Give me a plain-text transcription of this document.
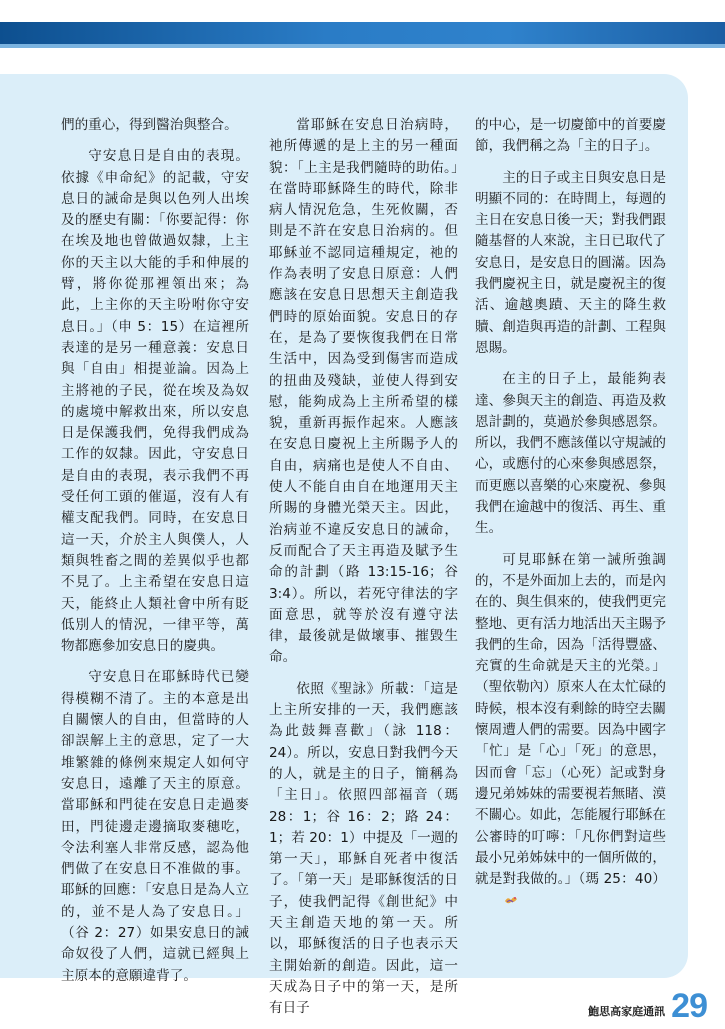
們的重心，得到醫治與整合。

守安息日是自由的表現。依據《申命紀》的記載，守安息日的誡命是與以色列人出埃及的歷史有關：「你要記得：你在埃及地也曾做過奴隸，上主你的天主以大能的手和伸展的臂，將你從那裡領出來；為此，上主你的天主吩咐你守安息日。」（申 5：15）在這裡所表達的是另一種意義：安息日與「自由」相提並論。因為上主將祂的子民，從在埃及為奴的處境中解救出來，所以安息日是保護我們，免得我們成為工作的奴隸。因此，守安息日是自由的表現，表示我們不再受任何工頭的催逼，沒有人有權支配我們。同時，在安息日這一天，介於主人與僕人，人類與牲畜之間的差異似乎也都不見了。上主希望在安息日這天，能終止人類社會中所有貶低別人的情況，一律平等，萬物都應參加安息日的慶典。

守安息日在耶穌時代已變得模糊不清了。主的本意是出自關懷人的自由，但當時的人卻誤解上主的意思，定了一大堆繁雜的條例來規定人如何守安息日，遠離了天主的原意。當耶穌和門徒在安息日走過麥田，門徒邊走邊摘取麥穗吃，令法利塞人非常反感，認為他們做了在安息日不准做的事。耶穌的回應：「安息日是為人立的，並不是人為了安息日。」（谷 2：27）如果安息日的誡命奴役了人們，這就已經與上主原本的意願違背了。

當耶穌在安息日治病時，祂所傳遞的是上主的另一種面貌：「上主是我們隨時的助佑。」在當時耶穌降生的時代，除非病人情況危急，生死攸關，否則是不許在安息日治病的。但耶穌並不認同這種規定，祂的作為表明了安息日原意：人們應該在安息日思想天主創造我們時的原始面貌。安息日的存在，是為了要恢復我們在日常生活中，因為受到傷害而造成的扭曲及殘缺，並使人得到安慰，能夠成為上主所希望的樣貌，重新再振作起來。人應該在安息日慶祝上主所賜予人的自由，病痛也是使人不自由、使人不能自由自在地運用天主所賜的身體光榮天主。因此，治病並不違反安息日的誡命，反而配合了天主再造及賦予生命的計劃（路 13:15-16；谷 3:4）。所以，若死守律法的字面意思，就等於沒有遵守法律，最後就是做壞事、摧毀生命。

依照《聖詠》所載：「這是上主所安排的一天，我們應該為此鼓舞喜歡」（詠 118：24）。所以，安息日對我們今天的人，就是主的日子，簡稱為「主日」。依照四部福音（瑪 28：1；谷 16：2；路 24：1；若 20：1）中提及「一週的第一天」，耶穌自死者中復活了。「第一天」是耶穌復活的日子，使我們記得《創世紀》中天主創造天地的第一天。所以，耶穌復活的日子也表示天主開始新的創造。因此，這一天成為日子中的第一天，是所有日子

的中心，是一切慶節中的首要慶節，我們稱之為「主的日子」。

主的日子或主日與安息日是明顯不同的：在時間上，每週的主日在安息日後一天；對我們跟隨基督的人來說，主日已取代了安息日，是安息日的圓滿。因為我們慶祝主日，就是慶祝主的復活、逾越奧蹟、天主的降生救贖、創造與再造的計劃、工程與恩賜。

在主的日子上，最能夠表達、參與天主的創造、再造及救恩計劃的，莫過於參與感恩祭。所以，我們不應該僅以守規誡的心，或應付的心來參與感恩祭，而更應以喜樂的心來慶祝、參與我們在逾越中的復活、再生、重生。

可見耶穌在第一誡所強調的，不是外面加上去的，而是內在的、與生俱來的，使我們更完整地、更有活力地活出天主賜予我們的生命，因為「活得豐盛、充實的生命就是天主的光榮。」（聖依勒內）原來人在太忙碌的時候，根本沒有剩餘的時空去關懷周遭人們的需要。因為中國字「忙」是「心」「死」的意思，因而會「忘」（心死）記或對身邊兄弟姊妹的需要視若無睹、漠不關心。如此，怎能履行耶穌在公審時的叮嚀：「凡你們對這些最小兄弟姊妹中的一個所做的，就是對我做的。」（瑪 25：40）

鮑思高家庭通訊 29
